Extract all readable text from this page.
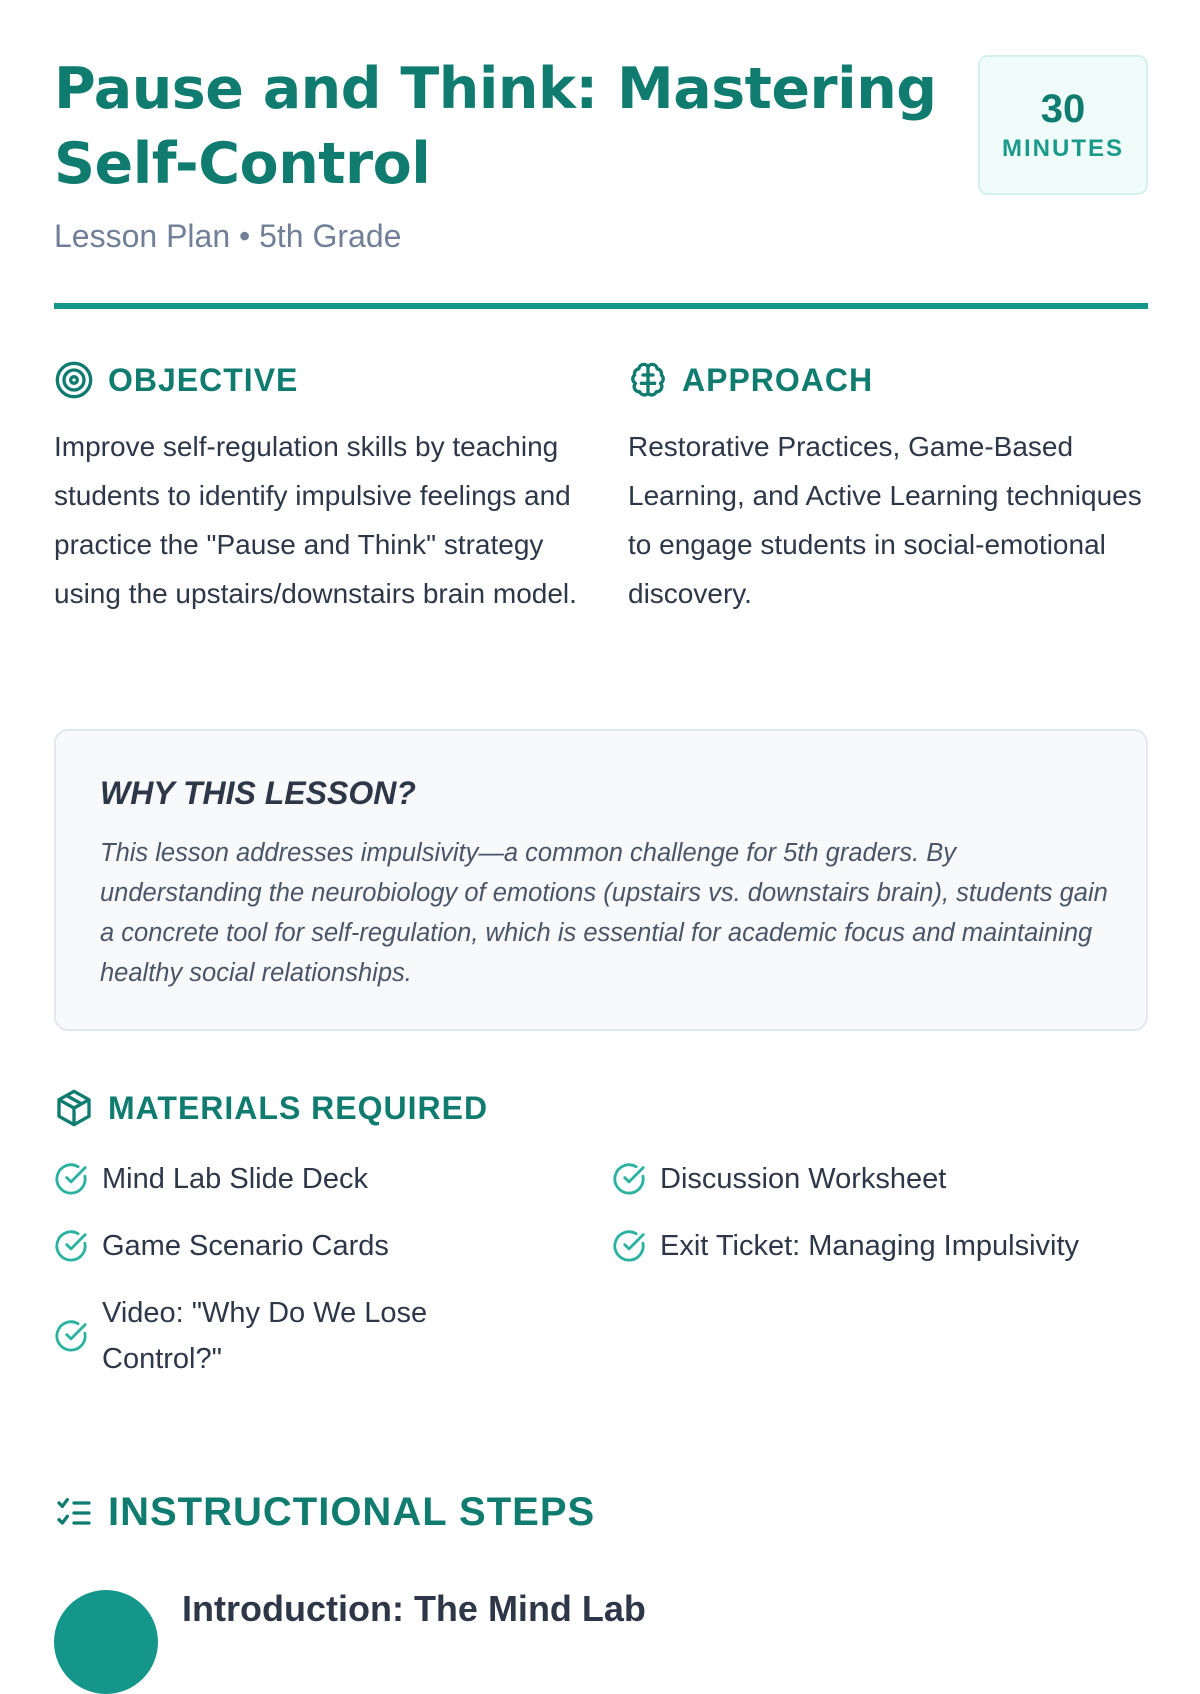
Pause and Think: Mastering Self-Control
Lesson Plan • 5th Grade
30
MINUTES
OBJECTIVE

Improve self-regulation skills by teaching students to identify impulsive feelings and practice the "Pause and Think" strategy using the upstairs/downstairs brain model.

APPROACH

Restorative Practices, Game-Based Learning, and Active Learning techniques to engage students in social-emotional discovery.

WHY THIS LESSON?

This lesson addresses impulsivity—a common challenge for 5th graders. By understanding the neurobiology of emotions (upstairs vs. downstairs brain), students gain a concrete tool for self-regulation, which is essential for academic focus and maintaining healthy social relationships.

MATERIALS REQUIRED
Mind Lab Slide Deck	Discussion Worksheet
Game Scenario Cards	Exit Ticket: Managing Impulsivity
Video: "Why Do We Lose Control?"
INSTRUCTIONAL STEPS
Introduction: The Mind Lab
